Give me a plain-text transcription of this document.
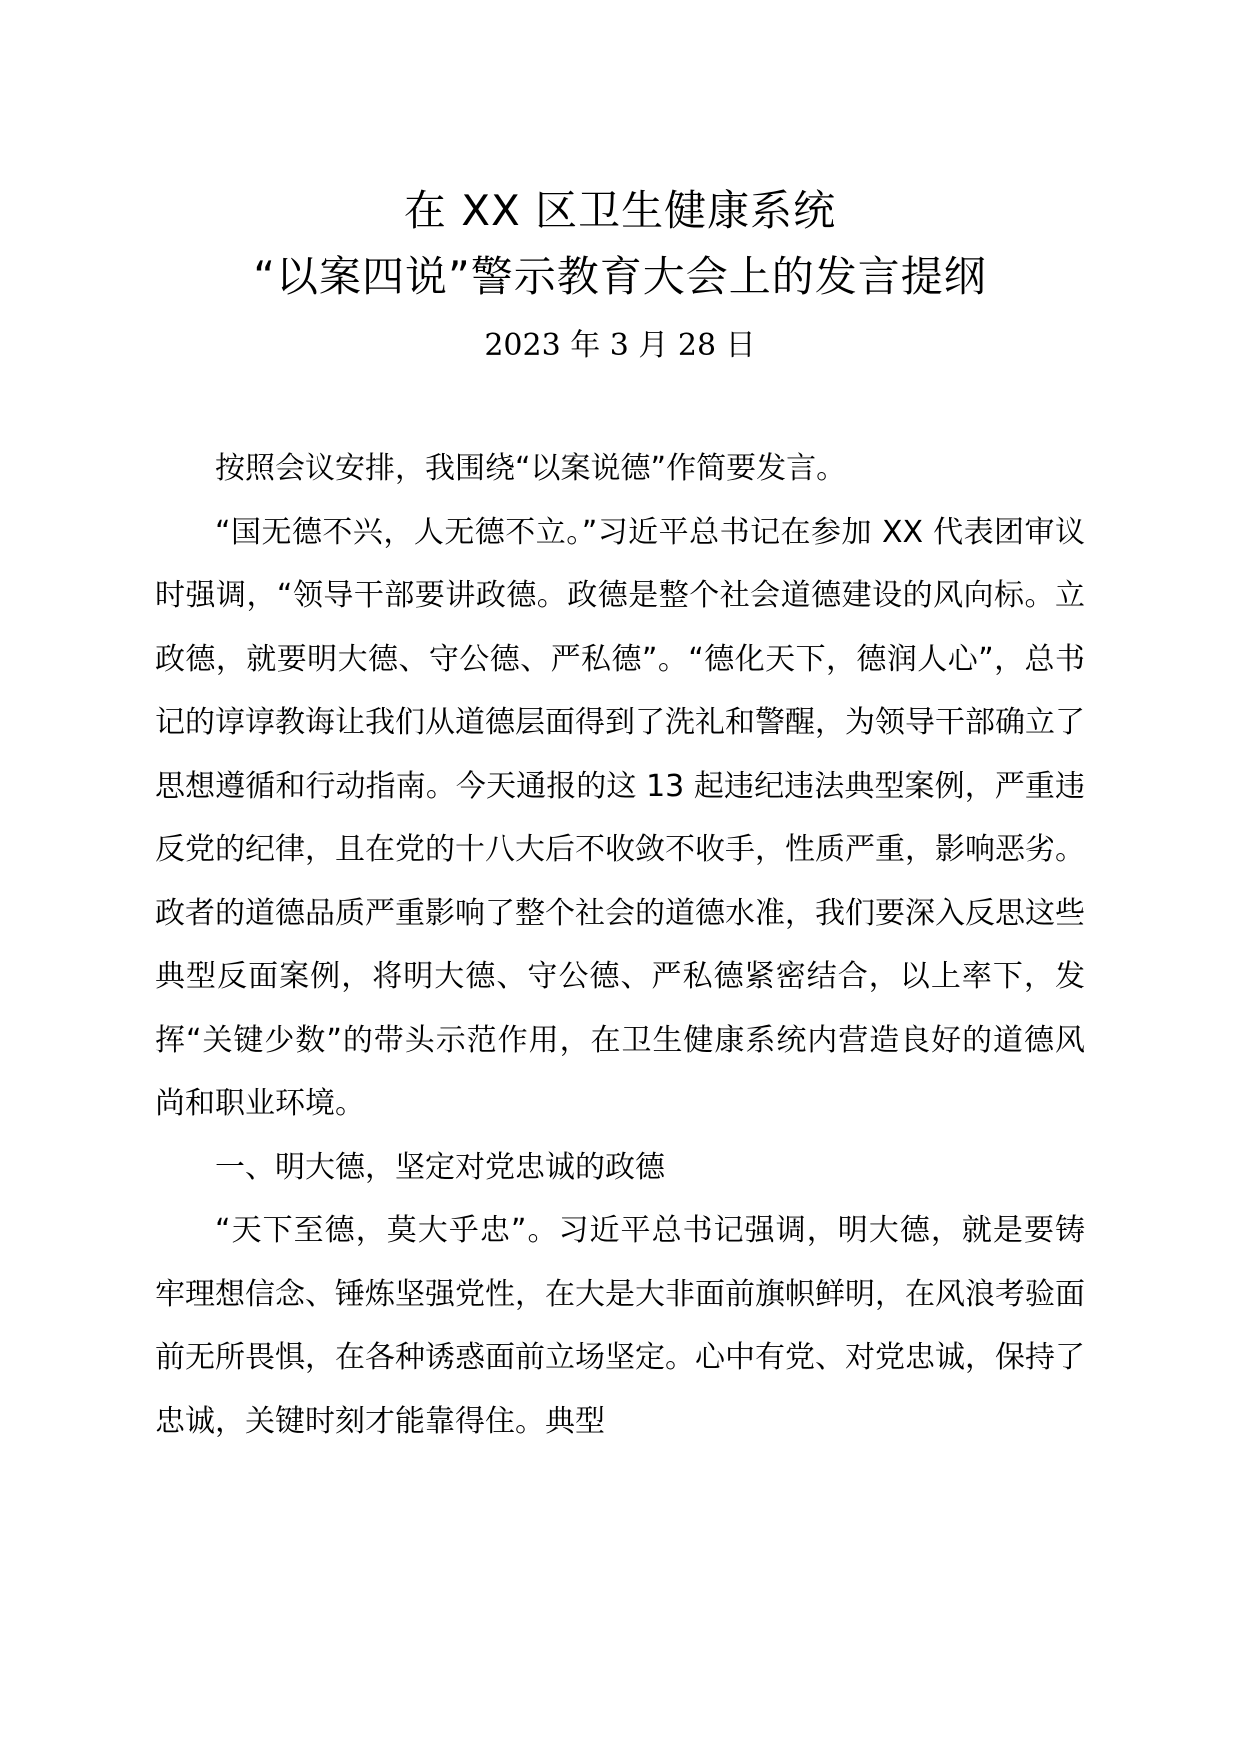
在 XX 区卫生健康系统
“以案四说”警示教育大会上的发言提纲
2023 年 3 月 28 日

按照会议安排，我围绕“以案说德”作简要发言。

“国无德不兴，人无德不立。”习近平总书记在参加 XX 代表团审议时强调，“领导干部要讲政德。政德是整个社会道德建设的风向标。立政德，就要明大德、守公德、严私德”。“德化天下，德润人心”，总书记的谆谆教诲让我们从道德层面得到了洗礼和警醒，为领导干部确立了思想遵循和行动指南。今天通报的这 13 起违纪违法典型案例，严重违反党的纪律，且在党的十八大后不收敛不收手，性质严重，影响恶劣。政者的道德品质严重影响了整个社会的道德水准，我们要深入反思这些典型反面案例，将明大德、守公德、严私德紧密结合，以上率下，发挥“关键少数”的带头示范作用，在卫生健康系统内营造良好的道德风尚和职业环境。

一、明大德，坚定对党忠诚的政德

“天下至德，莫大乎忠”。习近平总书记强调，明大德，就是要铸牢理想信念、锤炼坚强党性，在大是大非面前旗帜鲜明，在风浪考验面前无所畏惧，在各种诱惑面前立场坚定。心中有党、对党忠诚，保持了忠诚，关键时刻才能靠得住。典型
